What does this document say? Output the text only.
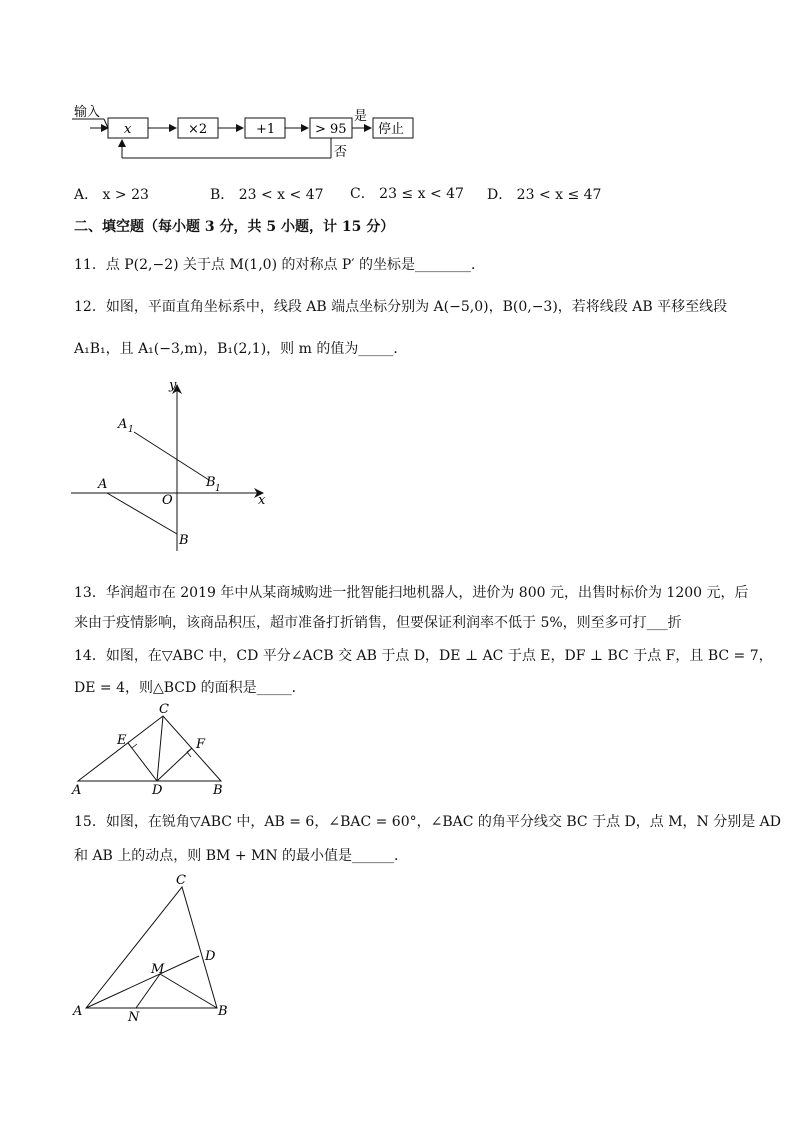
输入
x	×2	+1	> 95
是
停止
否
A． x > 23	B． 23 < x < 47 C． 23 ≤ x < 47 D． 23 < x ≤ 47
二、填空题（每小题 3 分，共 5 小题，计 15 分）
11．点 P(2,−2) 关于点 M(1,0) 的对称点 P′ 的坐标是________．
12．如图，平面直角坐标系中，线段 AB 端点坐标分别为 A(−5,0)，B(0,−3)，若将线段 AB 平移至线段
A₁B₁，且 A₁(−3,m)，B₁(2,1)，则 m 的值为_____．
y
x
A 1
B 1
A
O
B
13．华润超市在 2019 年中从某商城购进一批智能扫地机器人，进价为 800 元，出售时标价为 1200 元，后
来由于疫情影响，该商品积压，超市准备打折销售，但要保证利润率不低于 5%，则至多可打___折
14．如图，在▽ABC 中，CD 平分∠ACB 交 AB 于点 D，DE ⊥ AC 于点 E，DF ⊥ BC 于点 F，且 BC = 7，
DE = 4，则△BCD 的面积是_____．
C
E	F
A	D	B
15．如图，在锐角▽ABC 中，AB = 6，∠BAC = 60°，∠BAC 的角平分线交 BC 于点 D，点 M，N 分别是 AD
和 AB 上的动点，则 BM + MN 的最小值是______．
C
D
M
A	N	B
